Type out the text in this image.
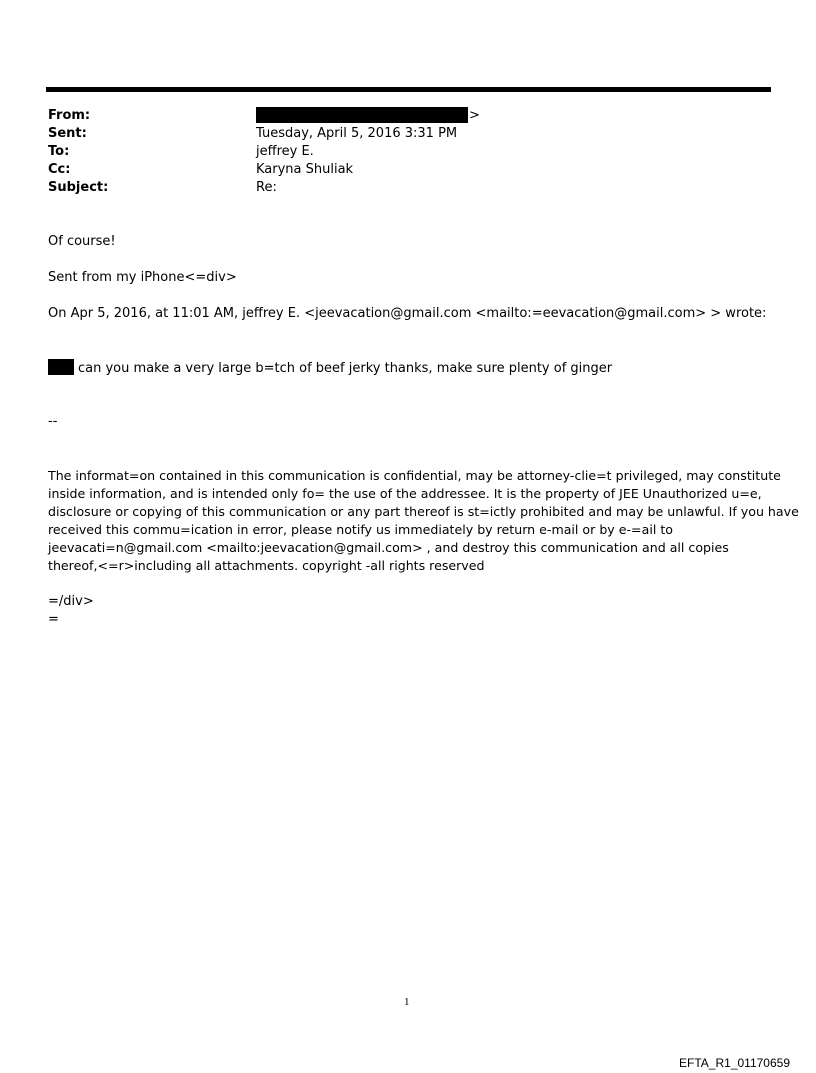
From:	>
Sent:	Tuesday, April 5, 2016 3:31 PM
To:	jeffrey E.
Cc:	Karyna Shuliak
Subject:	Re:
Of course!
Sent from my iPhone<=div>
On Apr 5, 2016, at 11:01 AM, jeffrey E. <jeevacation@gmail.com <mailto:=eevacation@gmail.com> > wrote:
can you make a very large b=tch of beef jerky thanks, make sure plenty of ginger
--
The informat=on contained in this communication is confidential, may be attorney-clie=t privileged, may constitute
inside information, and is intended only fo= the use of the addressee. It is the property of JEE Unauthorized u=e,
disclosure or copying of this communication or any part thereof is st=ictly prohibited and may be unlawful. If you have
received this commu=ication in error, please notify us immediately by return e-mail or by e-=ail to
jeevacati=n@gmail.com <mailto:jeevacation@gmail.com> , and destroy this communication and all copies
thereof,<=r>including all attachments. copyright -all rights reserved
=/div>
=
1
EFTA_R1_01170659
